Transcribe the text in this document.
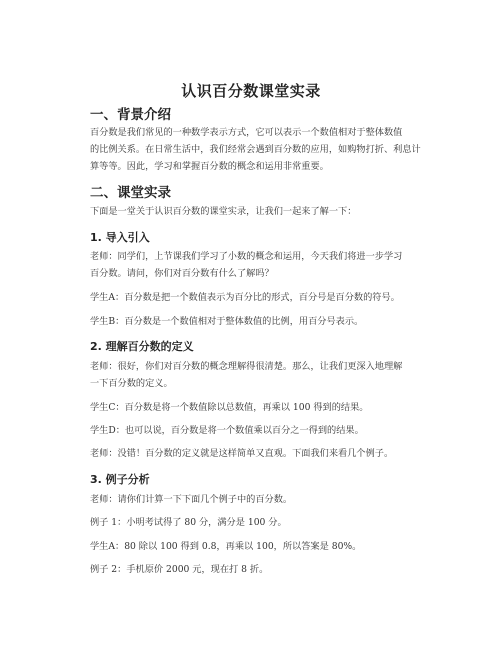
认识百分数课堂实录
一、背景介绍
百分数是我们常见的一种数学表示方式，它可以表示一个数值相对于整体数值
的比例关系。在日常生活中，我们经常会遇到百分数的应用，如购物打折、利息计
算等等。因此，学习和掌握百分数的概念和运用非常重要。
二、课堂实录
下面是一堂关于认识百分数的课堂实录，让我们一起来了解一下：
1. 导入引入
老师：同学们，上节课我们学习了小数的概念和运用，今天我们将进一步学习
百分数。请问，你们对百分数有什么了解吗？
学生A：百分数是把一个数值表示为百分比的形式，百分号是百分数的符号。
学生B：百分数是一个数值相对于整体数值的比例，用百分号表示。
2. 理解百分数的定义
老师：很好，你们对百分数的概念理解得很清楚。那么，让我们更深入地理解
一下百分数的定义。
学生C：百分数是将一个数值除以总数值，再乘以 100 得到的结果。
学生D：也可以说，百分数是将一个数值乘以百分之一得到的结果。
老师：没错！百分数的定义就是这样简单又直观。下面我们来看几个例子。
3. 例子分析
老师：请你们计算一下下面几个例子中的百分数。
例子 1：小明考试得了 80 分，满分是 100 分。
学生A：80 除以 100 得到 0.8，再乘以 100，所以答案是 80%。
例子 2：手机原价 2000 元，现在打 8 折。
